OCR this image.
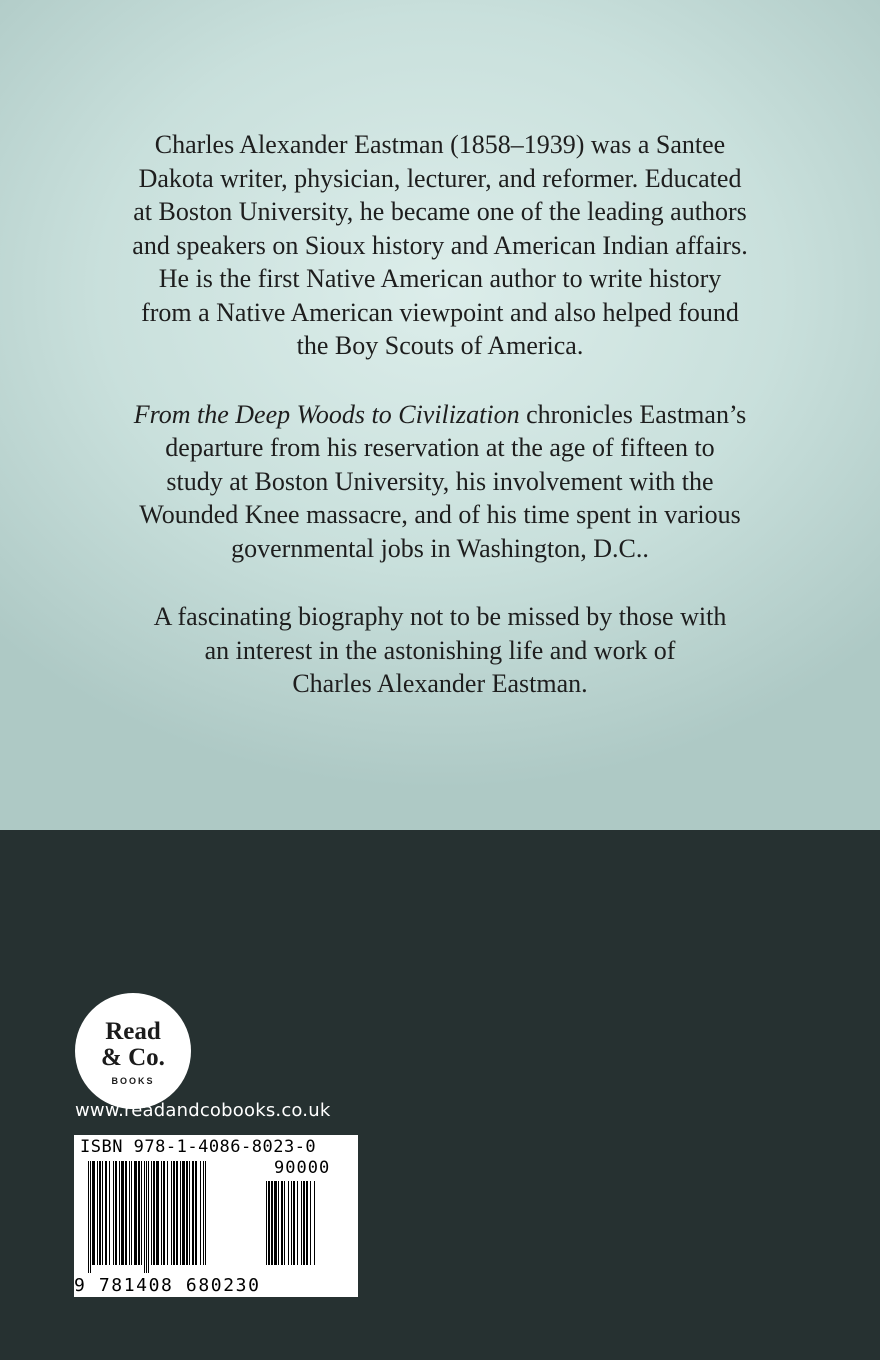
Charles Alexander Eastman (1858–1939) was a Santee
Dakota writer, physician, lecturer, and reformer. Educated
at Boston University, he became one of the leading authors
and speakers on Sioux history and American Indian affairs.
He is the first Native American author to write history
from a Native American viewpoint and also helped found
the Boy Scouts of America.

From the Deep Woods to Civilization chronicles Eastman’s
departure from his reservation at the age of fifteen to
study at Boston University, his involvement with the
Wounded Knee massacre, and of his time spent in various
governmental jobs in Washington, D.C..

A fascinating biography not to be missed by those with
an interest in the astonishing life and work of
Charles Alexander Eastman.

Read
& Co.
BOOKS
www.readandcobooks.co.uk
ISBN 978-1-4086-8023-0
90000
9 781408 680230
